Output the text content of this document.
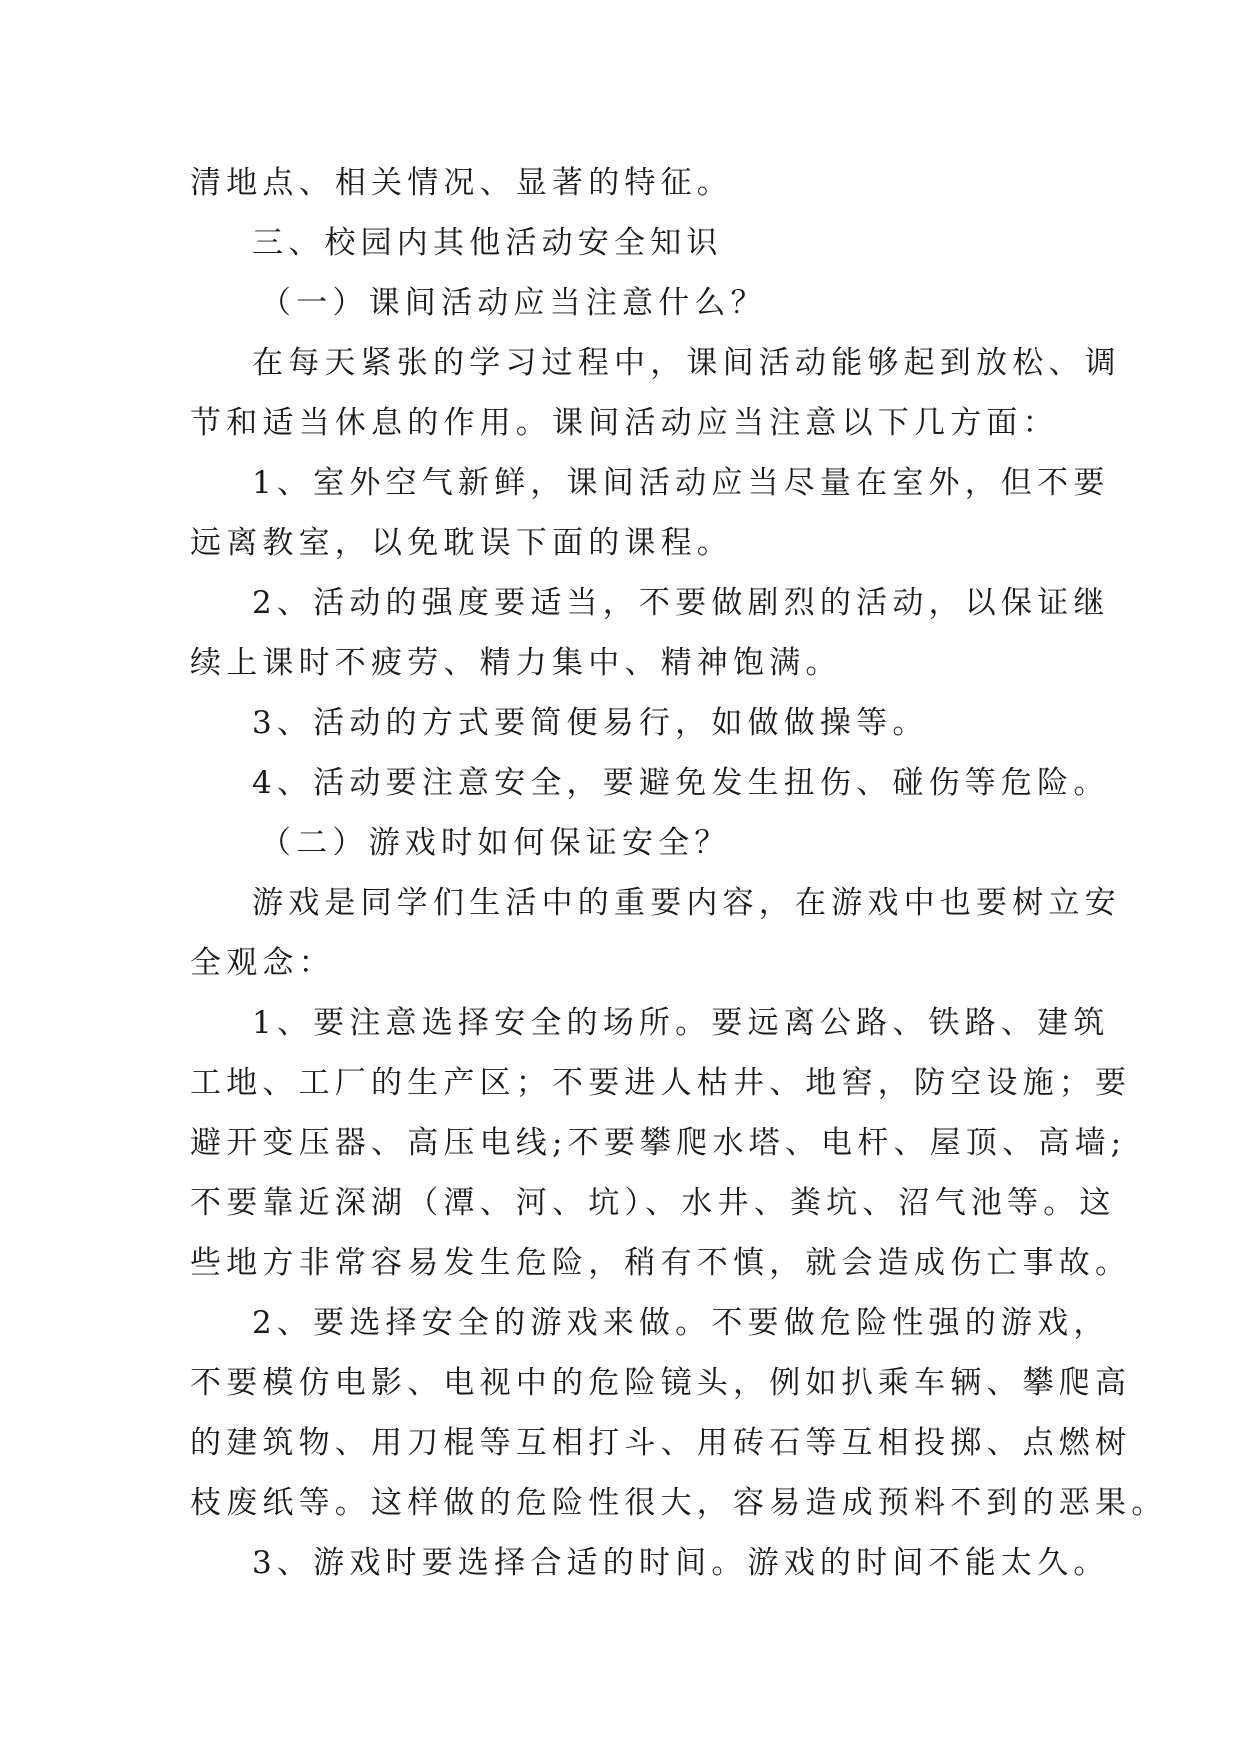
清地点、相关情况、显著的特征。
三、校园内其他活动安全知识
（一）课间活动应当注意什么？
在每天紧张的学习过程中，课间活动能够起到放松、调
节和适当休息的作用。课间活动应当注意以下几方面：
1、室外空气新鲜，课间活动应当尽量在室外，但不要
远离教室，以免耽误下面的课程。
2、活动的强度要适当，不要做剧烈的活动，以保证继
续上课时不疲劳、精力集中、精神饱满。
3、活动的方式要简便易行，如做做操等。
4、活动要注意安全，要避免发生扭伤、碰伤等危险。
（二）游戏时如何保证安全？
游戏是同学们生活中的重要内容，在游戏中也要树立安
全观念：
1、要注意选择安全的场所。要远离公路、铁路、建筑
工地、工厂的生产区；不要进人枯井、地窖，防空设施；要
避开变压器、高压电线;不要攀爬水塔、电杆、屋顶、高墙;
不要靠近深湖（潭、河、坑）、水井、粪坑、沼气池等。这
些地方非常容易发生危险，稍有不慎，就会造成伤亡事故。
2、要选择安全的游戏来做。不要做危险性强的游戏，
不要模仿电影、电视中的危险镜头，例如扒乘车辆、攀爬高
的建筑物、用刀棍等互相打斗、用砖石等互相投掷、点燃树
枝废纸等。这样做的危险性很大，容易造成预料不到的恶果。
3、游戏时要选择合适的时间。游戏的时间不能太久。
